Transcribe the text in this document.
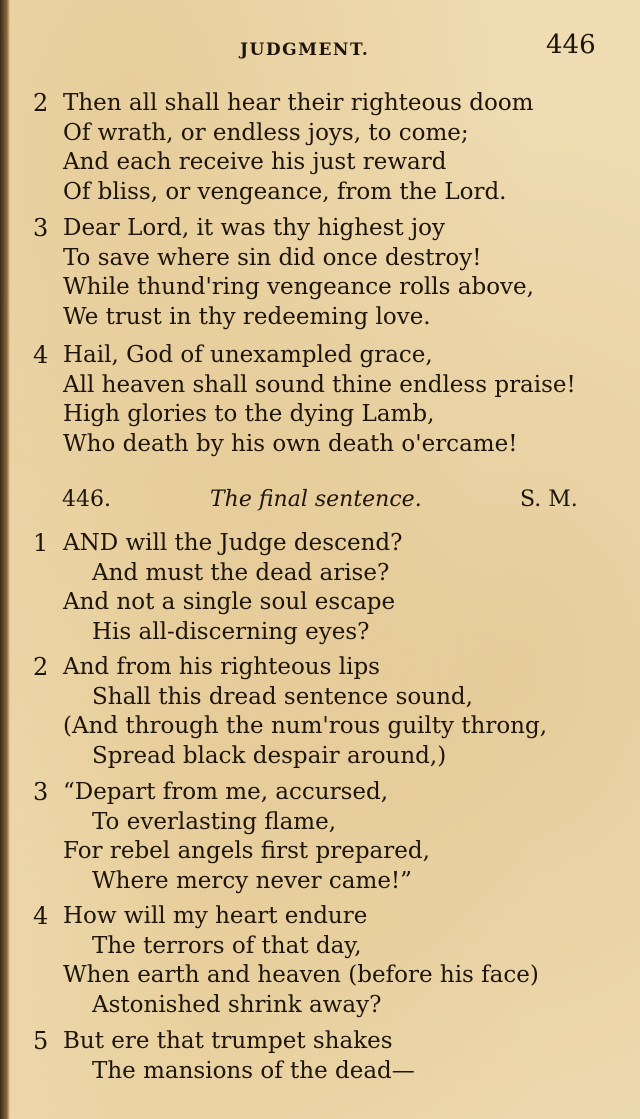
JUDGMENT.	446
2 Then all shall hear their righteous doom
Of wrath, or endless joys, to come;
And each receive his just reward
Of bliss, or vengeance, from the Lord.
3 Dear Lord, it was thy highest joy
To save where sin did once destroy!
While thund'ring vengeance rolls above,
We trust in thy redeeming love.
4 Hail, God of unexampled grace,
All heaven shall sound thine endless praise!
High glories to the dying Lamb,
Who death by his own death o'ercame!
446.	The final sentence.	S. M.
1 AND will the Judge descend?
And must the dead arise?
And not a single soul escape
His all-discerning eyes?
2 And from his righteous lips
Shall this dread sentence sound,
(And through the num'rous guilty throng,
Spread black despair around,)
3 “Depart from me, accursed,
To everlasting flame,
For rebel angels first prepared,
Where mercy never came!”
4 How will my heart endure
The terrors of that day,
When earth and heaven (before his face)
Astonished shrink away?
5 But ere that trumpet shakes
The mansions of the dead—
